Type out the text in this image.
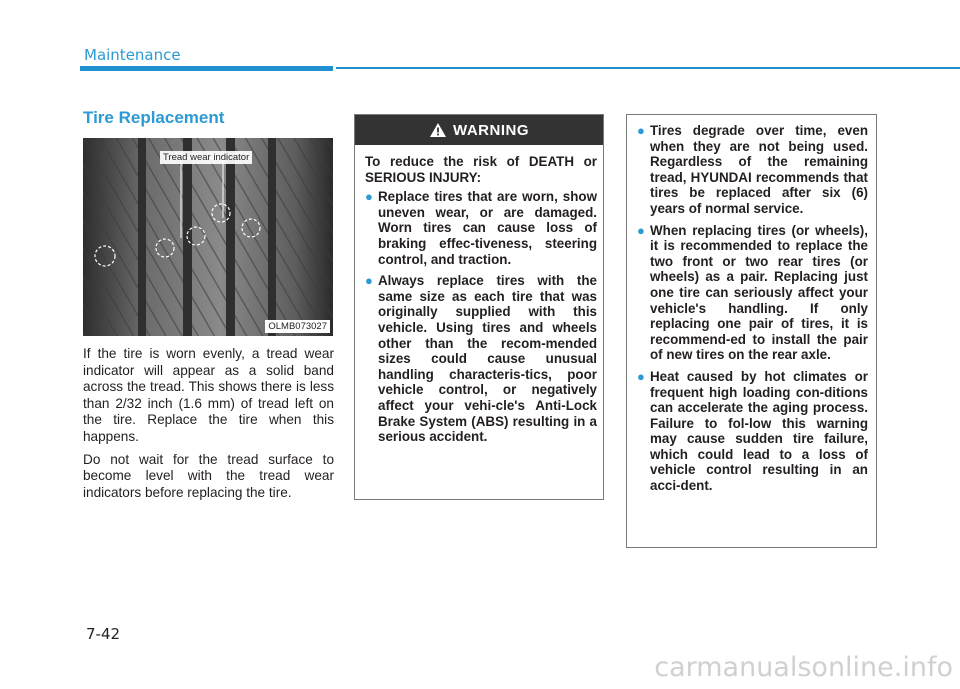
Maintenance
Tire Replacement
Tread wear indicator
OLMB073027

If the tire is worn evenly, a tread wear indicator will appear as a solid band across the tread. This shows there is less than 2/32 inch (1.6 mm) of tread left on the tire. Replace the tire when this happens.

Do not wait for the tread surface to become level with the tread wear indicators before replacing the tire.

WARNING

To reduce the risk of DEATH or SERIOUS INJURY:

● Replace tires that are worn, show uneven wear, or are damaged. Worn tires can cause loss of braking effec-tiveness, steering control, and traction.
● Always replace tires with the same size as each tire that was originally supplied with this vehicle. Using tires and wheels other than the recom-mended sizes could cause unusual handling characteris-tics, poor vehicle control, or negatively affect your vehi-cle's Anti-Lock Brake System (ABS) resulting in a serious accident.
● Tires degrade over time, even when they are not being used. Regardless of the remaining tread, HYUNDAI recommends that tires be replaced after six (6) years of normal service.
● When replacing tires (or wheels), it is recommended to replace the two front or two rear tires (or wheels) as a pair. Replacing just one tire can seriously affect your vehicle's handling. If only replacing one pair of tires, it is recommend-ed to install the pair of new tires on the rear axle.
● Heat caused by hot climates or frequent high loading con-ditions can accelerate the aging process. Failure to fol-low this warning may cause sudden tire failure, which could lead to a loss of vehicle control resulting in an acci-dent.
7-42
carmanualsonline.info
